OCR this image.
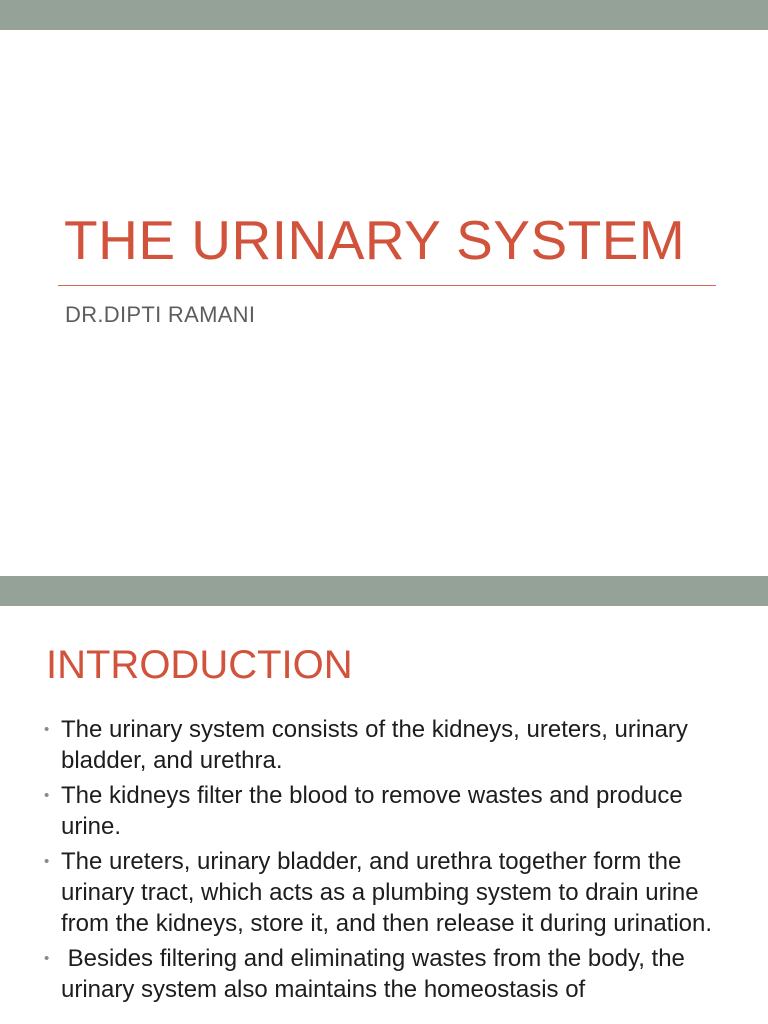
THE URINARY SYSTEM
DR.DIPTI RAMANI
INTRODUCTION
• The urinary system consists of the kidneys, ureters, urinary bladder, and urethra.
• The kidneys filter the blood to remove wastes and produce urine.
• The ureters, urinary bladder, and urethra together form the urinary tract, which acts as a plumbing system to drain urine from the kidneys, store it, and then release it during urination.
• Besides filtering and eliminating wastes from the body, the urinary system also maintains the homeostasis of
